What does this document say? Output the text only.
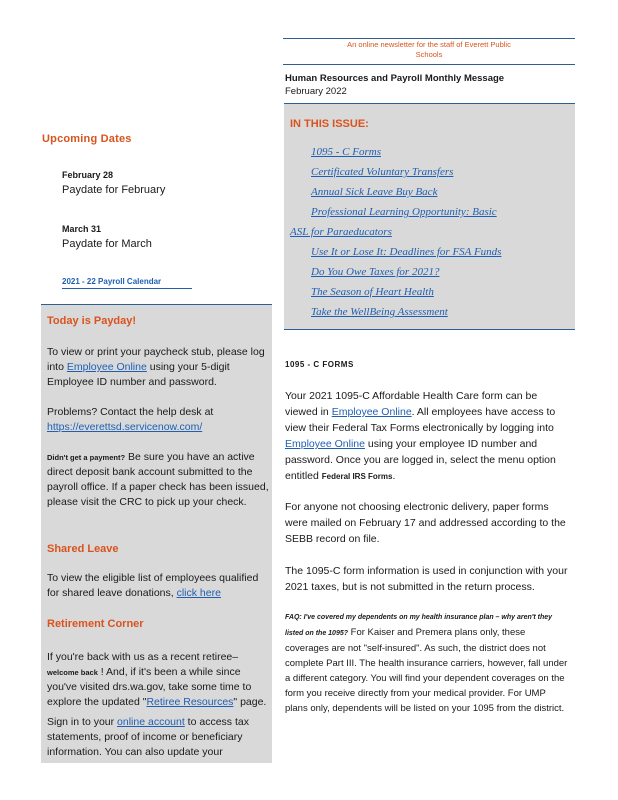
Upcoming Dates
February 28
Paydate for February
March 31
Paydate for March
2021 - 22 Payroll Calendar
Today is Payday!
To view or print your paycheck stub, please log into Employee Online using your 5-digit Employee ID number and password.
Problems? Contact the help desk at https://everettsd.servicenow.com/
Didn't get a payment? Be sure you have an active direct deposit bank account submitted to the payroll office. If a paper check has been issued, please visit the CRC to pick up your check.
Shared Leave
To view the eligible list of employees qualified for shared leave donations, click here
Retirement Corner
If you're back with us as a recent retiree– welcome back ! And, if it's been a while since you've visited drs.wa.gov, take some time to explore the updated "Retiree Resources" page.
Sign in to your online account to access tax statements, proof of income or beneficiary information. You can also update your
An online newsletter for the staff of Everett Public
Schools
Human Resources and Payroll Monthly Message
February 2022
IN THIS ISSUE:
1095 - C Forms
Certificated Voluntary Transfers
Annual Sick Leave Buy Back
Professional Learning Opportunity: Basic
ASL for Paraeducators
Use It or Lose It: Deadlines for FSA Funds
Do You Owe Taxes for 2021?
The Season of Heart Health
Take the WellBeing Assessment
1095 - C FORMS
Your 2021 1095-C Affordable Health Care form can be viewed in Employee Online. All employees have access to view their Federal Tax Forms electronically by logging into Employee Online using your employee ID number and password. Once you are logged in, select the menu option entitled Federal IRS Forms.
For anyone not choosing electronic delivery, paper forms were mailed on February 17 and addressed according to the SEBB record on file.
The 1095-C form information is used in conjunction with your 2021 taxes, but is not submitted in the return process.
FAQ: I've covered my dependents on my health insurance plan – why aren't they listed on the 1095? For Kaiser and Premera plans only, these coverages are not "self-insured". As such, the district does not complete Part III. The health insurance carriers, however, fall under a different category. You will find your dependent coverages on the form you receive directly from your medical provider. For UMP plans only, dependents will be listed on your 1095 from the district.
